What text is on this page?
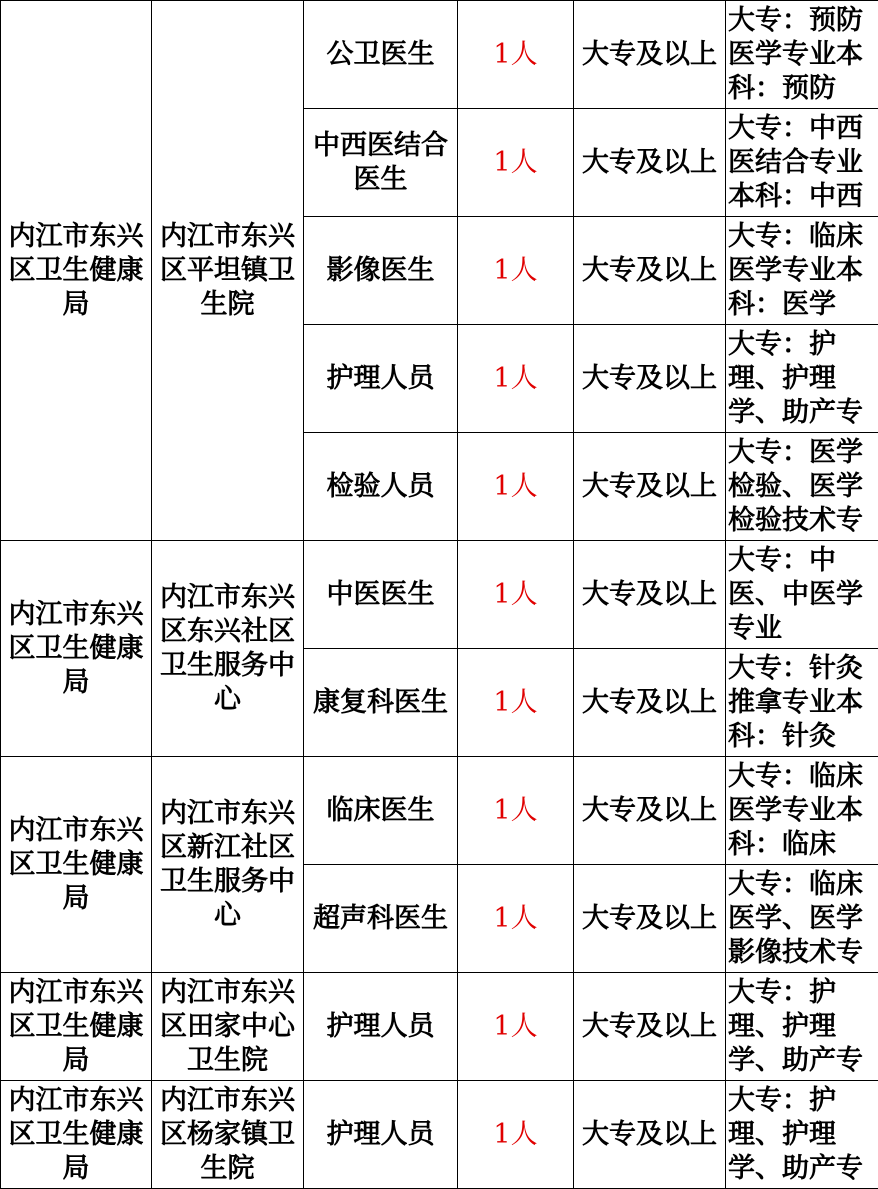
内江市东兴区卫生健康局	内江市东兴区平坦镇卫生院	公卫医生	1人	大专及以上	大专：预防医学专业本科：预防

		中西医结合医生	1人	大专及以上	大专：中西医结合专业本科：中西

		影像医生	1人	大专及以上	大专：临床医学专业本科：医学

		护理人员	1人	大专及以上	大专：护理、护理学、助产专

		检验人员	1人	大专及以上	大专：医学检验、医学检验技术专

内江市东兴区卫生健康局	内江市东兴区东兴社区卫生服务中心	中医医生	1人	大专及以上	大专：中医、中医学专业

		康复科医生	1人	大专及以上	大专：针灸推拿专业本科：针灸

内江市东兴区卫生健康局	内江市东兴区新江社区卫生服务中心	临床医生	1人	大专及以上	大专：临床医学专业本科：临床

		超声科医生	1人	大专及以上	大专：临床医学、医学影像技术专

内江市东兴区卫生健康局	内江市东兴区田家中心卫生院	护理人员	1人	大专及以上	大专：护理、护理学、助产专

内江市东兴区卫生健康局	内江市东兴区杨家镇卫生院	护理人员	1人	大专及以上	大专：护理、护理学、助产专
